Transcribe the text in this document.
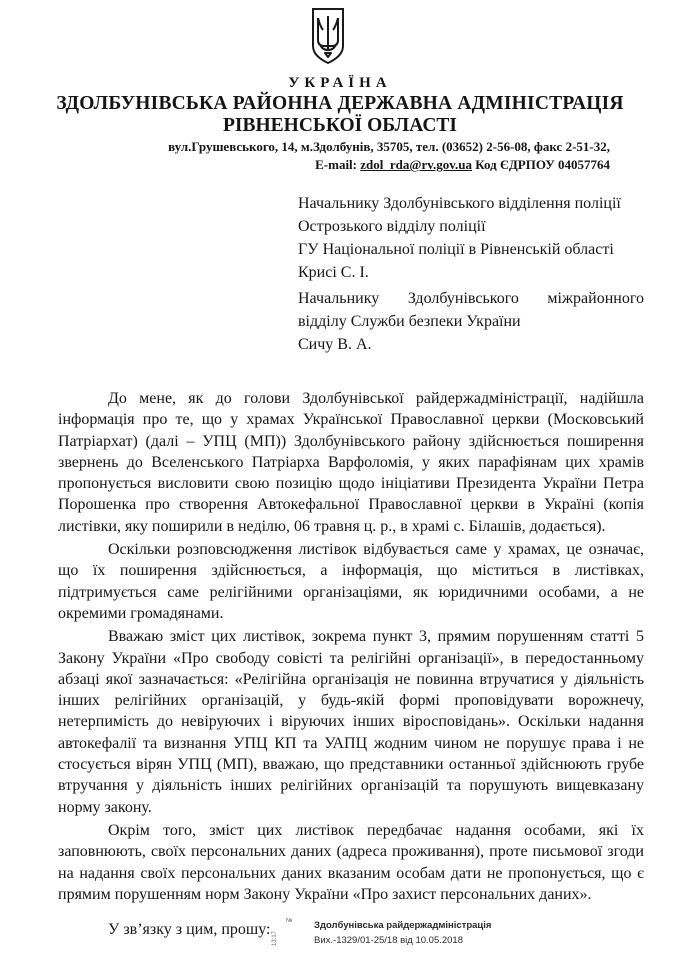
УКРАЇНА
ЗДОЛБУНІВСЬКА РАЙОННА ДЕРЖАВНА АДМІНІСТРАЦІЯ
РІВНЕНСЬКОЇ ОБЛАСТІ
вул.Грушевського, 14, м.Здолбунів, 35705, тел. (03652) 2-56-08, факс 2-51-32,
E-mail: zdol_rda@rv.gov.ua Код ЄДРПОУ 04057764
Начальнику Здолбунівського відділення поліції
Острозького відділу поліції
ГУ Національної поліції в Рівненській області
Крисі С. І.
Начальнику Здолбунівського міжрайонного
відділу Служби безпеки України
Сичу В. А.

До мене, як до голови Здолбунівської райдержадміністрації, надійшла інформація про те, що у храмах Української Православної церкви (Московський Патріархат) (далі – УПЦ (МП)) Здолбунівського району здійснюється поширення звернень до Вселенського Патріарха Варфоломія, у яких парафіянам цих храмів пропонується висловити свою позицію щодо ініціативи Президента України Петра Порошенка про створення Автокефальної Православної церкви в Україні (копія листівки, яку поширили в неділю, 06 травня ц. р., в храмі с. Білашів, додається).

Оскільки розповсюдження листівок відбувається саме у храмах, це означає, що їх поширення здійснюється, а інформація, що міститься в листівках, підтримується саме релігійними організаціями, як юридичними особами, а не окремими громадянами.

Вважаю зміст цих листівок, зокрема пункт 3, прямим порушенням статті 5 Закону України «Про свободу совісті та релігійні організації», в передостанньому абзаці якої зазначається: «Релігійна організація не повинна втручатися у діяльність інших релігійних організацій, у будь-якій формі проповідувати ворожнечу, нетерпимість до невіруючих і віруючих інших віросповідань». Оскільки надання автокефалії та визнання УПЦ КП та УАПЦ жодним чином не порушує права і не стосується вірян УПЦ (МП), вважаю, що представники останньої здійснюють грубе втручання у діяльність інших релігійних організацій та порушують вищевказану норму закону.

Окрім того, зміст цих листівок передбачає надання особами, які їх заповнюють, своїх персональних даних (адреса проживання), проте письмової згоди на надання своїх персональних даних вказаним особам дати не пропонується, що є прямим порушенням норм Закону України «Про захист персональних даних».

У зв’язку з цим, прошу:	№
13:17
Здолбунівська райдержадміністрація
Вих.-1329/01-25/18 від 10.05.2018
